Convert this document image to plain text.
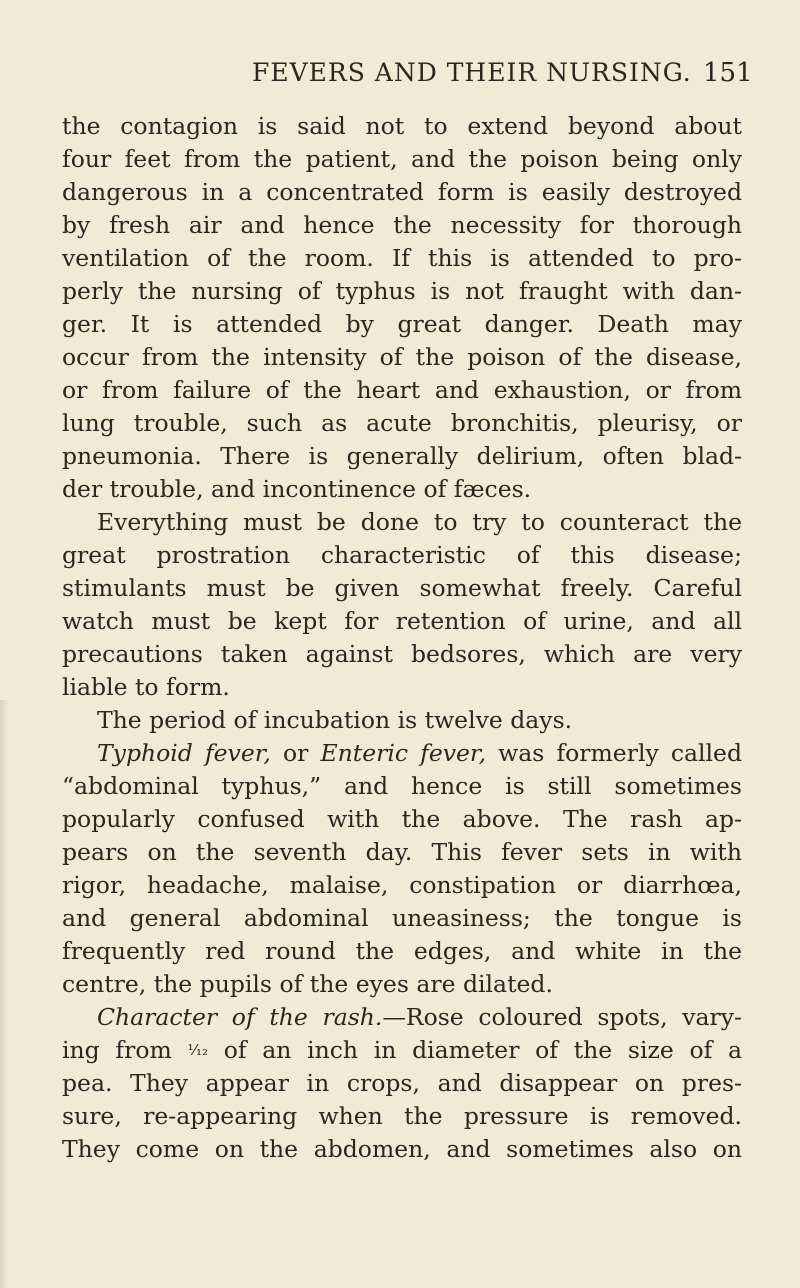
FEVERS AND THEIR NURSING. 151
the contagion is said not to extend beyond about
four feet from the patient, and the poison being only
dangerous in a concentrated form is easily destroyed
by fresh air and hence the necessity for thorough
ventilation of the room. If this is attended to pro-
perly the nursing of typhus is not fraught with dan-
ger. It is attended by great danger. Death may
occur from the intensity of the poison of the disease,
or from failure of the heart and exhaustion, or from
lung trouble, such as acute bronchitis, pleurisy, or
pneumonia. There is generally delirium, often blad-
der trouble, and incontinence of fæces.
Everything must be done to try to counteract the
great prostration characteristic of this disease;
stimulants must be given somewhat freely. Careful
watch must be kept for retention of urine, and all
precautions taken against bedsores, which are very
liable to form.
The period of incubation is twelve days.
Typhoid fever, or Enteric fever, was formerly called
“abdominal typhus,” and hence is still sometimes
popularly confused with the above. The rash ap-
pears on the seventh day. This fever sets in with
rigor, headache, malaise, constipation or diarrhœa,
and general abdominal uneasiness; the tongue is
frequently red round the edges, and white in the
centre, the pupils of the eyes are dilated.
Character of the rash.—Rose coloured spots, vary-
ing from ¹⁄₁₂ of an inch in diameter of the size of a
pea. They appear in crops, and disappear on pres-
sure, re-appearing when the pressure is removed.
They come on the abdomen, and sometimes also on
